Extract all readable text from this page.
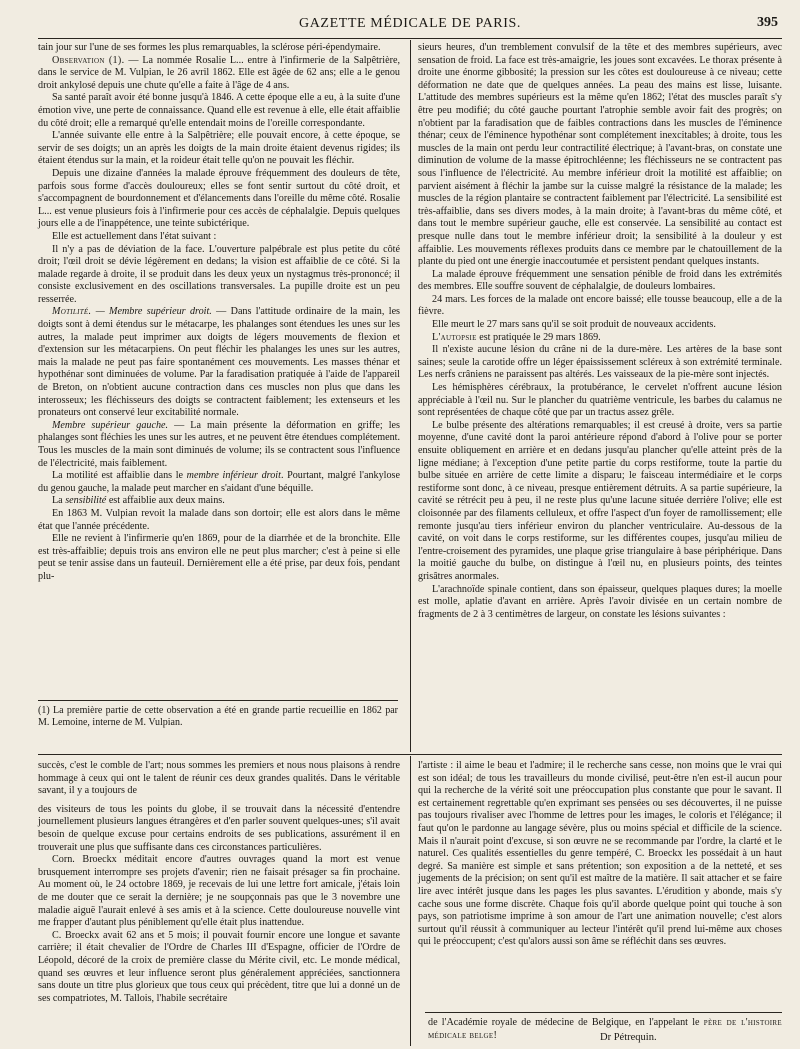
GAZETTE MÉDICALE DE PARIS.	395

tain jour sur l'une de ses formes les plus remarquables, la sclérose péri-épendymaire.

Observation (1). — La nommée Rosalie L... entre à l'infirmerie de la Salpêtrière, dans le service de M. Vulpian, le 26 avril 1862. Elle est âgée de 62 ans; elle a le genou droit ankylosé depuis une chute qu'elle a faite à l'âge de 4 ans.

Sa santé paraît avoir été bonne jusqu'à 1846. A cette époque elle a eu, à la suite d'une émotion vive, une perte de connaissance. Quand elle est revenue à elle, elle était affaiblie du côté droit; elle a remarqué qu'elle entendait moins de l'oreille correspondante.

L'année suivante elle entre à la Salpêtrière; elle pouvait encore, à cette époque, se servir de ses doigts; un an après les doigts de la main droite étaient devenus rigides; ils étaient étendus sur la main, et la roideur était telle qu'on ne pouvait les fléchir.

Depuis une dizaine d'années la malade éprouve fréquemment des douleurs de tête, parfois sous forme d'accès douloureux; elles se font sentir surtout du côté droit, et s'accompagnent de bourdonnement et d'élancements dans l'oreille du même côté. Rosalie L... est venue plusieurs fois à l'infirmerie pour ces accès de céphalalgie. Depuis quelques jours elle a de l'inappétence, une teinte subictérique.

Elle est actuellement dans l'état suivant :

Il n'y a pas de déviation de la face. L'ouverture palpébrale est plus petite du côté droit; l'œil droit se dévie légèrement en dedans; la vision est affaiblie de ce côté. Si la malade regarde à droite, il se produit dans les deux yeux un nystagmus très-prononcé; il consiste exclusivement en des oscillations transversales. La pupille droite est un peu resserrée.

Motilité. — Membre supérieur droit. — Dans l'attitude ordinaire de la main, les doigts sont à demi étendus sur le métacarpe, les phalanges sont étendues les unes sur les autres, la malade peut imprimer aux doigts de légers mouvements de flexion et d'extension sur les métacarpiens. On peut fléchir les phalanges les unes sur les autres, mais la malade ne peut pas faire spontanément ces mouvements. Les masses thénar et hypothénar sont diminuées de volume. Par la faradisation pratiquée à l'aide de l'appareil de Breton, on n'obtient aucune contraction dans ces muscles non plus que dans les interosseux; les fléchisseurs des doigts se contractent faiblement; les extenseurs et les pronateurs ont conservé leur excitabilité normale.

Membre supérieur gauche. — La main présente la déformation en griffe; les phalanges sont fléchies les unes sur les autres, et ne peuvent être étendues complétement. Tous les muscles de la main sont diminués de volume; ils se contractent sous l'influence de l'électricité, mais faiblement.

La motilité est affaiblie dans le membre inférieur droit. Pourtant, malgré l'ankylose du genou gauche, la malade peut marcher en s'aidant d'une béquille.

La sensibilité est affaiblie aux deux mains.

En 1863 M. Vulpian revoit la malade dans son dortoir; elle est alors dans le même état que l'année précédente.

Elle ne revient à l'infirmerie qu'en 1869, pour de la diarrhée et de la bronchite. Elle est très-affaiblie; depuis trois ans environ elle ne peut plus marcher; c'est à peine si elle peut se tenir assise dans un fauteuil. Dernièrement elle a été prise, par deux fois, pendant plu-

(1) La première partie de cette observation a été en grande partie recueillie en 1862 par M. Lemoine, interne de M. Vulpian.

sieurs heures, d'un tremblement convulsif de la tête et des membres supérieurs, avec sensation de froid. La face est très-amaigrie, les joues sont excavées. Le thorax présente à droite une énorme gibbosité; la pression sur les côtes est douloureuse à ce niveau; cette déformation ne date que de quelques années. La peau des mains est lisse, luisante. L'attitude des membres supérieurs est la même qu'en 1862; l'état des muscles paraît s'y être peu modifié; du côté gauche pourtant l'atrophie semble avoir fait des progrès; on n'obtient par la faradisation que de faibles contractions dans les muscles de l'éminence thénar; ceux de l'éminence hypothénar sont complétement inexcitables; à droite, tous les muscles de la main ont perdu leur contractilité électrique; à l'avant-bras, on constate une diminution de volume de la masse épitrochléenne; les fléchisseurs ne se contractent pas sous l'influence de l'électricité. Au membre inférieur droit la motilité est affaiblie; on parvient aisément à fléchir la jambe sur la cuisse malgré la résistance de la malade; les muscles de la région plantaire se contractent faiblement par l'électricité. La sensibilité est très-affaiblie, dans ses divers modes, à la main droite; à l'avant-bras du même côté, et dans tout le membre supérieur gauche, elle est conservée. La sensibilité au contact est presque nulle dans tout le membre inférieur droit; la sensibilité à la douleur y est affaiblie. Les mouvements réflexes produits dans ce membre par le chatouillement de la plante du pied ont une énergie inaccoutumée et persistent pendant quelques instants.

La malade éprouve fréquemment une sensation pénible de froid dans les extrémités des membres. Elle souffre souvent de céphalalgie, de douleurs lombaires.

24 mars. Les forces de la malade ont encore baissé; elle tousse beaucoup, elle a de la fièvre.

Elle meurt le 27 mars sans qu'il se soit produit de nouveaux accidents.

L'autopsie est pratiquée le 29 mars 1869.

Il n'existe aucune lésion du crâne ni de la dure-mère. Les artères de la base sont saines; seule la carotide offre un léger épaississement scléreux à son extrémité terminale. Les nerfs crâniens ne paraissent pas altérés. Les vaisseaux de la pie-mère sont injectés.

Les hémisphères cérébraux, la protubérance, le cervelet n'offrent aucune lésion appréciable à l'œil nu. Sur le plancher du quatrième ventricule, les barbes du calamus ne sont représentées de chaque côté que par un tractus assez grêle.

Le bulbe présente des altérations remarquables; il est creusé à droite, vers sa partie moyenne, d'une cavité dont la paroi antérieure répond d'abord à l'olive pour se porter ensuite obliquement en arrière et en dedans jusqu'au plancher qu'elle atteint près de la ligne médiane; à l'exception d'une petite partie du corps restiforme, toute la partie du bulbe située en arrière de cette limite a disparu; le faisceau intermédiaire et le corps restiforme sont donc, à ce niveau, presque entièrement détruits. A sa partie supérieure, la cavité se rétrécit peu à peu, il ne reste plus qu'une lacune située derrière l'olive; elle est cloisonnée par des filaments celluleux, et offre l'aspect d'un foyer de ramollissement; elle remonte jusqu'au tiers inférieur environ du plancher ventriculaire. Au-dessous de la cavité, on voit dans le corps restiforme, sur les différentes coupes, jusqu'au milieu de l'entre-croisement des pyramides, une plaque grise triangulaire à base périphérique. Dans la moitié gauche du bulbe, on distingue à l'œil nu, en plusieurs points, des teintes grisâtres anormales.

L'arachnoïde spinale contient, dans son épaisseur, quelques plaques dures; la moelle est molle, aplatie d'avant en arrière. Après l'avoir divisée en un certain nombre de fragments de 2 à 3 centimètres de largeur, on constate les lésions suivantes :

succès, c'est le comble de l'art; nous sommes les premiers et nous nous plaisons à rendre hommage à ceux qui ont le talent de réunir ces deux grandes qualités. Dans le véritable savant, il y a toujours de

des visiteurs de tous les points du globe, il se trouvait dans la nécessité d'entendre journellement plusieurs langues étrangères et d'en parler souvent quelques-unes; s'il avait besoin de quelque excuse pour certains endroits de ses publications, assurément il en trouverait une plus que suffisante dans ces circonstances particulières.

Corn. Broeckx méditait encore d'autres ouvrages quand la mort est venue brusquement interrompre ses projets d'avenir; rien ne faisait présager sa fin prochaine. Au moment où, le 24 octobre 1869, je recevais de lui une lettre fort amicale, j'étais loin de me douter que ce serait la dernière; je ne soupçonnais pas que le 3 novembre une maladie aiguë l'aurait enlevé à ses amis et à la science. Cette douloureuse nouvelle vint me frapper d'autant plus péniblement qu'elle était plus inattendue.

C. Broeckx avait 62 ans et 5 mois; il pouvait fournir encore une longue et savante carrière; il était chevalier de l'Ordre de Charles III d'Espagne, officier de l'Ordre de Léopold, décoré de la croix de première classe du Mérite civil, etc. Le monde médical, quand ses œuvres et leur influence seront plus généralement appréciées, sanctionnera sans doute un titre plus glorieux que tous ceux qui précèdent, titre que lui a donné un de ses compatriotes, M. Tallois, l'habile secrétaire

l'artiste : il aime le beau et l'admire; il le recherche sans cesse, non moins que le vrai qui est son idéal; de tous les travailleurs du monde civilisé, peut-être n'en est-il aucun pour qui la recherche de la vérité soit une préoccupation plus constante que pour le savant. Il est certainement regrettable qu'en exprimant ses pensées ou ses découvertes, il ne puisse pas toujours rivaliser avec l'homme de lettres pour les images, le coloris et l'élégance; il faut qu'on le pardonne au langage sévère, plus ou moins spécial et difficile de la science. Mais il n'aurait point d'excuse, si son œuvre ne se recommande par l'ordre, la clarté et le naturel. Ces qualités essentielles du genre tempéré, C. Broeckx les possédait à un haut degré. Sa manière est simple et sans prétention; son exposition a de la netteté, et ses jugements de la précision; on sent qu'il est maître de la matière. Il sait attacher et se faire lire avec intérêt jusque dans les pages les plus savantes. L'érudition y abonde, mais s'y cache sous une forme discrète. Chaque fois qu'il aborde quelque point qui touche à son pays, son patriotisme imprime à son amour de l'art une animation nouvelle; c'est alors surtout qu'il réussit à communiquer au lecteur l'intérêt qu'il prend lui-même aux choses qui le préoccupent; c'est qu'alors aussi son âme se réfléchit dans ses œuvres.

de l'Académie royale de médecine de Belgique, en l'appelant le père de l'histoire médicale belge!	Dr Pétrequin.
